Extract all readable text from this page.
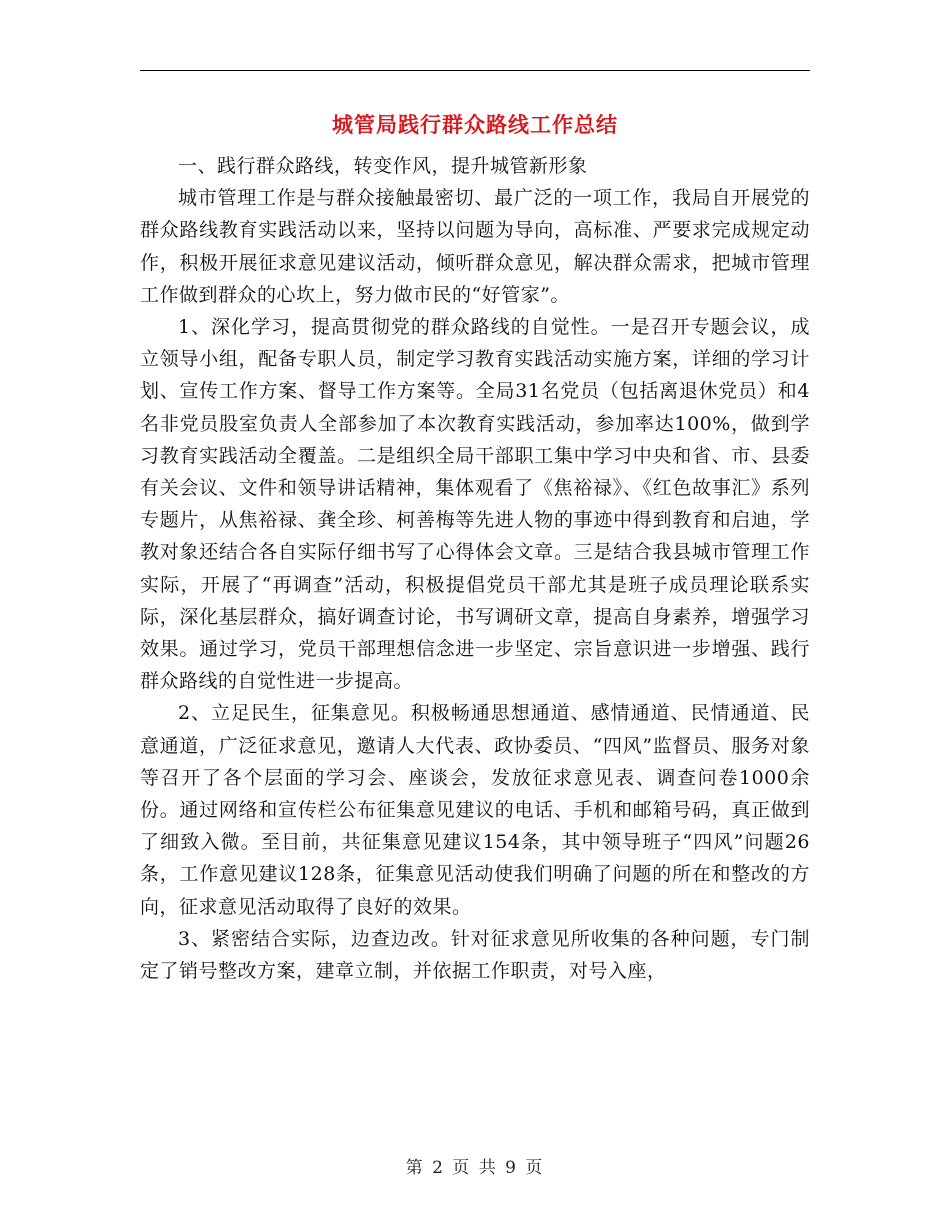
城管局践行群众路线工作总结

一、践行群众路线，转变作风，提升城管新形象

城市管理工作是与群众接触最密切、最广泛的一项工作，我局自开展党的群众路线教育实践活动以来，坚持以问题为导向，高标准、严要求完成规定动作，积极开展征求意见建议活动，倾听群众意见，解决群众需求，把城市管理工作做到群众的心坎上，努力做市民的“好管家”。

1、深化学习，提高贯彻党的群众路线的自觉性。一是召开专题会议，成立领导小组，配备专职人员，制定学习教育实践活动实施方案，详细的学习计划、宣传工作方案、督导工作方案等。全局31名党员（包括离退休党员）和4名非党员股室负责人全部参加了本次教育实践活动，参加率达100%，做到学习教育实践活动全覆盖。二是组织全局干部职工集中学习中央和省、市、县委有关会议、文件和领导讲话精神，集体观看了《焦裕禄》、《红色故事汇》系列专题片，从焦裕禄、龚全珍、柯善梅等先进人物的事迹中得到教育和启迪，学教对象还结合各自实际仔细书写了心得体会文章。三是结合我县城市管理工作实际，开展了“再调查”活动，积极提倡党员干部尤其是班子成员理论联系实际，深化基层群众，搞好调查讨论，书写调研文章，提高自身素养，增强学习效果。通过学习，党员干部理想信念进一步坚定、宗旨意识进一步增强、践行群众路线的自觉性进一步提高。

2、立足民生，征集意见。积极畅通思想通道、感情通道、民情通道、民意通道，广泛征求意见，邀请人大代表、政协委员、“四风”监督员、服务对象等召开了各个层面的学习会、座谈会，发放征求意见表、调查问卷1000余份。通过网络和宣传栏公布征集意见建议的电话、手机和邮箱号码，真正做到了细致入微。至目前，共征集意见建议154条，其中领导班子“四风”问题26条，工作意见建议128条，征集意见活动使我们明确了问题的所在和整改的方向，征求意见活动取得了良好的效果。

3、紧密结合实际，边查边改。针对征求意见所收集的各种问题，专门制定了销号整改方案，建章立制，并依据工作职责，对号入座，

第 2 页 共 9 页
